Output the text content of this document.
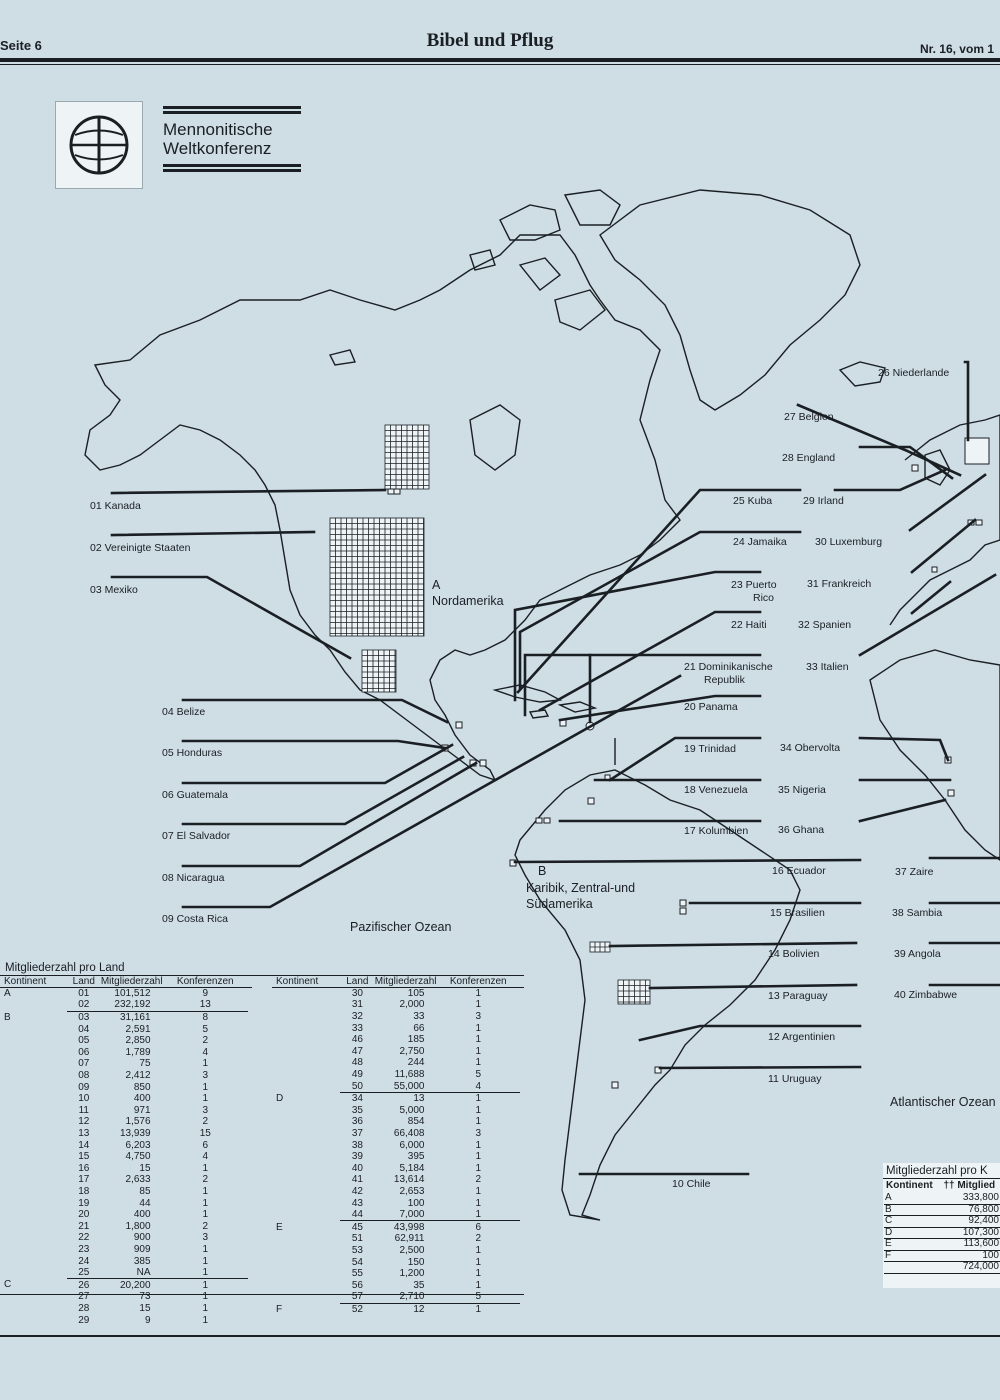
Seite 6	Bibel und Pflug	Nr. 16, vom 1
Mennonitische
Weltkonferenz
01 Kanada
02 Vereinigte Staaten
03 Mexiko
04 Belize
05 Honduras
06 Guatemala
07 El Salvador
08 Nicaragua
09 Costa Rica
10 Chile
11 Uruguay
12 Argentinien
13 Paraguay
14 Bolivien
15 Brasilien
16 Ecuador
17 Kolumbien
18 Venezuela
19 Trinidad
20 Panama
21 Dominikanische
Republik
22 Haiti
23 Puerto
Rico
24 Jamaika
25 Kuba
26 Niederlande
27 Belgien
28 England
29 Irland
30 Luxemburg
31 Frankreich
32 Spanien
33 Italien
34 Obervolta
35 Nigeria
36 Ghana
37 Zaire
38 Sambia
39 Angola
40 Zimbabwe
A
Nordamerika
B
Karibik, Zentral-und
Südamerika
Pazifischer Ozean
Atlantischer Ozean
Mitgliederzahl pro Land
Kontinent	Land	Mitgliederzahl	Konferenzen
A	01	101,512	9
	02	232,192	13
B	03	31,161	8
	04	2,591	5
	05	2,850	2
	06	1,789	4
	07	75	1
	08	2,412	3
	09	850	1
	10	400	1
	11	971	3
	12	1,576	2
	13	13,939	15
	14	6,203	6
	15	4,750	4
	16	15	1
	17	2,633	2
	18	85	1
	19	44	1
	20	400	1
	21	1,800	2
	22	900	3
	23	909	1
	24	385	1
	25	NA	1
C	26	20,200	1
	27	73	1
	28	15	1
	29	9	1
Kontinent	Land	Mitgliederzahl	Konferenzen
	30	105	1
	31	2,000	1
	32	33	3
	33	66	1
	46	185	1
	47	2,750	1
	48	244	1
	49	11,688	5
	50	55,000	4
D	34	13	1
	35	5,000	1
	36	854	1
	37	66,408	3
	38	6,000	1
	39	395	1
	40	5,184	1
	41	13,614	2
	42	2,653	1
	43	100	1
	44	7,000	1
E	45	43,998	6
	51	62,911	2
	53	2,500	1
	54	150	1
	55	1,200	1
	56	35	1
	57	2,710	5
F	52	12	1
Mitgliederzahl pro K
Kontinent †† Mitglied
A	333,800
B	76,800
C	92,400
D	107,300
E	113,600
F	100
	724,000
